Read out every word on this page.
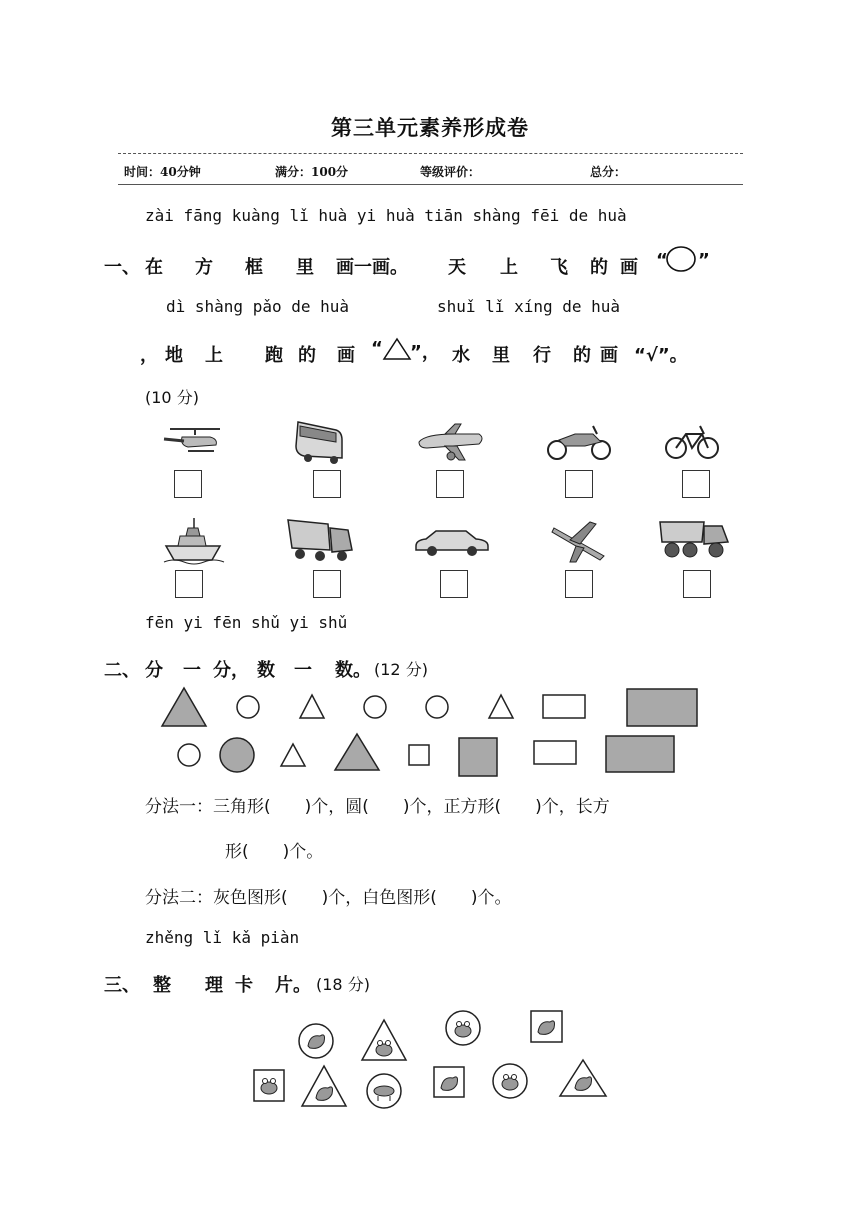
第三单元素养形成卷
时间：40分钟	满分：100分	等级评价：	总分：
zài fāng kuàng lǐ huà yi huà tiān shàng fēi de huà
一、 在 方 框 里 画一画。 天 上 飞 的 画 “ ”
dì shàng pǎo de huà	shuǐ lǐ xíng de huà
， 地 上 跑 的 画 “ ”， 水 里 行 的 画 “√”。
(10 分)
fēn yi fēn shǔ yi shǔ
二、 分 一 分， 数 一 数。 (12 分)
分法一：三角形(　　)个，圆(　　)个，正方形(　　)个，长方
形(　　)个。
分法二：灰色图形(　　)个，白色图形(　　)个。
zhěng lǐ kǎ piàn
三、 整 理 卡 片。 (18 分)
